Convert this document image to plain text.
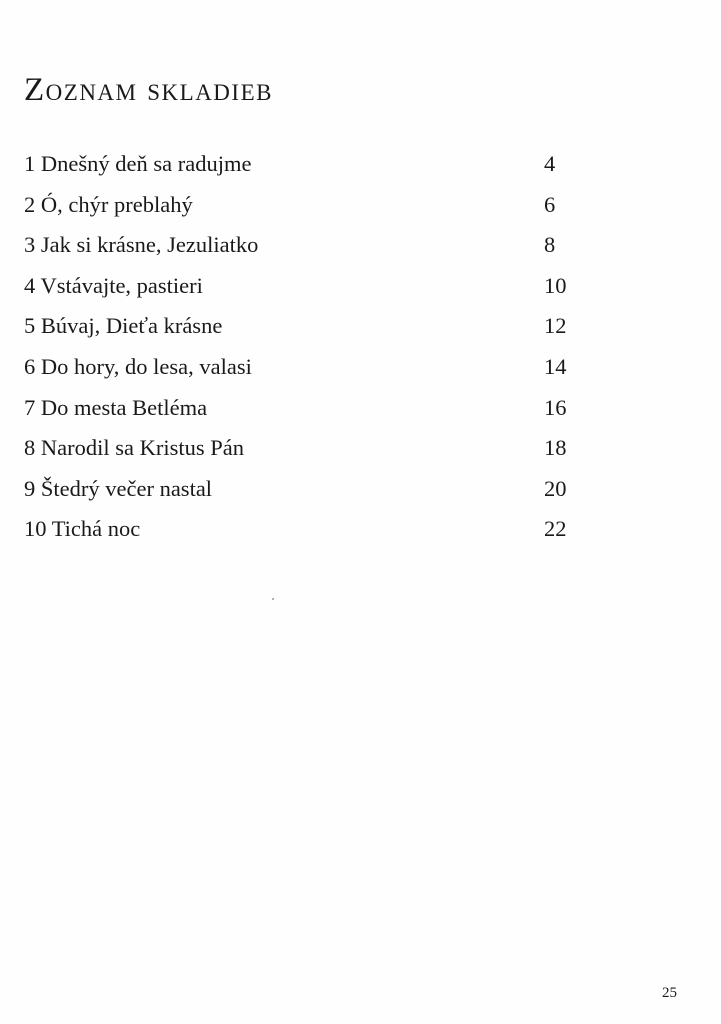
Zoznam skladieb
1 Dnešný deň sa radujme	4
2 Ó, chýr preblahý	6
3 Jak si krásne, Jezuliatko	8
4 Vstávajte, pastieri	10
5 Búvaj, Dieťa krásne	12
6 Do hory, do lesa, valasi	14
7 Do mesta Betléma	16
8 Narodil sa Kristus Pán	18
9 Štedrý večer nastal	20
10 Tichá noc	22
25
